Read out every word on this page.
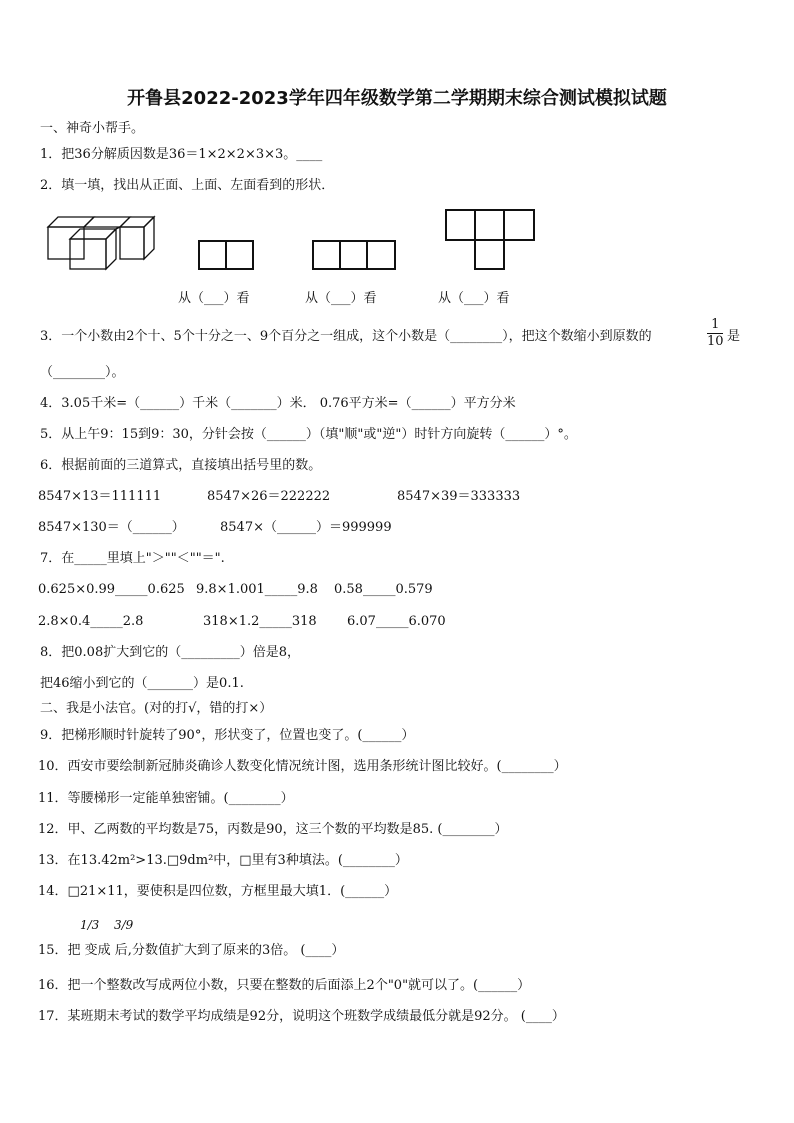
开鲁县2022-2023学年四年级数学第二学期期末综合测试模拟试题
一、神奇小帮手。
1．把36分解质因数是36＝1×2×2×3×3。____
2．填一填，找出从正面、上面、左面看到的形状．
从（___）看	从（___）看	从（___）看
3．一个小数由2个十、5个十分之一、9个百分之一组成，这个小数是（________），把这个数缩小到原数的
1
10 是
（________）。
4．3.05千米=（______）千米（_______）米． 0.76平方米=（______）平方分米
5．从上午9：15到9：30，分针会按（______）（填"顺"或"逆"）时针方向旋转（______）°。
6．根据前面的三道算式，直接填出括号里的数。
8547×13＝111111	8547×26＝222222	8547×39＝333333
8547×130＝（______）	8547×（______）＝999999
7．在_____里填上"＞""＜""＝".
0.625×0.99_____0.625 9.8×1.001_____9.8 0.58_____0.579
2.8×0.4_____2.8	318×1.2_____318 6.07_____6.070
8．把0.08扩大到它的（_________）倍是8，
把46缩小到它的（_______）是0.1.
二、我是小法官。(对的打√，错的打×）
9．把梯形顺时针旋转了90°，形状变了，位置也变了。(______）
10．西安市要绘制新冠肺炎确诊人数变化情况统计图，选用条形统计图比较好。(________）
11．等腰梯形一定能单独密铺。(________）
12．甲、乙两数的平均数是75，丙数是90，这三个数的平均数是85. (________）
13．在13.42m²>13.□9dm²中，□里有3种填法。(________）
14．□21×11，要使积是四位数，方框里最大填1．(______）
1/3 3/9
15．把 变成 后,分数值扩大到了原来的3倍。 (____）
16．把一个整数改写成两位小数，只要在整数的后面添上2个"0"就可以了。(______）
17．某班期末考试的数学平均成绩是92分，说明这个班数学成绩最低分就是92分。 (____）
